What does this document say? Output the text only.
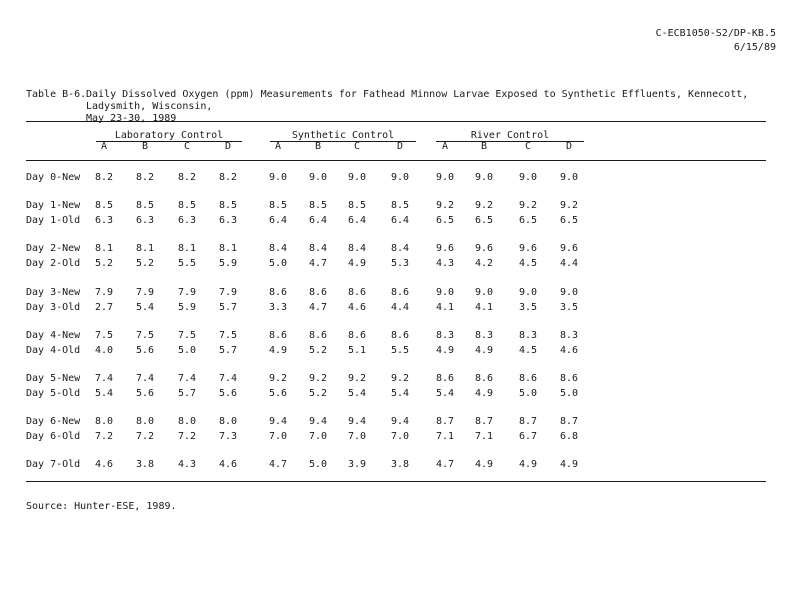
C-ECB1050-S2/DP-KB.5
6/15/89
Table B-6. Daily Dissolved Oxygen (ppm) Measurements for Fathead Minnow Larvae Exposed to Synthetic Effluents, Kennecott, Ladysmith, Wisconsin,
May 23-30, 1989
Laboratory Control	Synthetic Control	River Control
A	B	C	D	A	B	C	D	A	B	C	D
Day 0-New	8.2	8.2	8.2	8.2	9.0	9.0	9.0	9.0	9.0	9.0	9.0	9.0
Day 1-New	8.5	8.5	8.5	8.5	8.5	8.5	8.5	8.5	9.2	9.2	9.2	9.2
Day 1-Old	6.3	6.3	6.3	6.3	6.4	6.4	6.4	6.4	6.5	6.5	6.5	6.5
Day 2-New	8.1	8.1	8.1	8.1	8.4	8.4	8.4	8.4	9.6	9.6	9.6	9.6
Day 2-Old	5.2	5.2	5.5	5.9	5.0	4.7	4.9	5.3	4.3	4.2	4.5	4.4
Day 3-New	7.9	7.9	7.9	7.9	8.6	8.6	8.6	8.6	9.0	9.0	9.0	9.0
Day 3-Old	2.7	5.4	5.9	5.7	3.3	4.7	4.6	4.4	4.1	4.1	3.5	3.5
Day 4-New	7.5	7.5	7.5	7.5	8.6	8.6	8.6	8.6	8.3	8.3	8.3	8.3
Day 4-Old	4.0	5.6	5.0	5.7	4.9	5.2	5.1	5.5	4.9	4.9	4.5	4.6
Day 5-New	7.4	7.4	7.4	7.4	9.2	9.2	9.2	9.2	8.6	8.6	8.6	8.6
Day 5-Old	5.4	5.6	5.7	5.6	5.6	5.2	5.4	5.4	5.4	4.9	5.0	5.0
Day 6-New	8.0	8.0	8.0	8.0	9.4	9.4	9.4	9.4	8.7	8.7	8.7	8.7
Day 6-Old	7.2	7.2	7.2	7.3	7.0	7.0	7.0	7.0	7.1	7.1	6.7	6.8
Day 7-Old	4.6	3.8	4.3	4.6	4.7	5.0	3.9	3.8	4.7	4.9	4.9	4.9
Source: Hunter-ESE, 1989.
